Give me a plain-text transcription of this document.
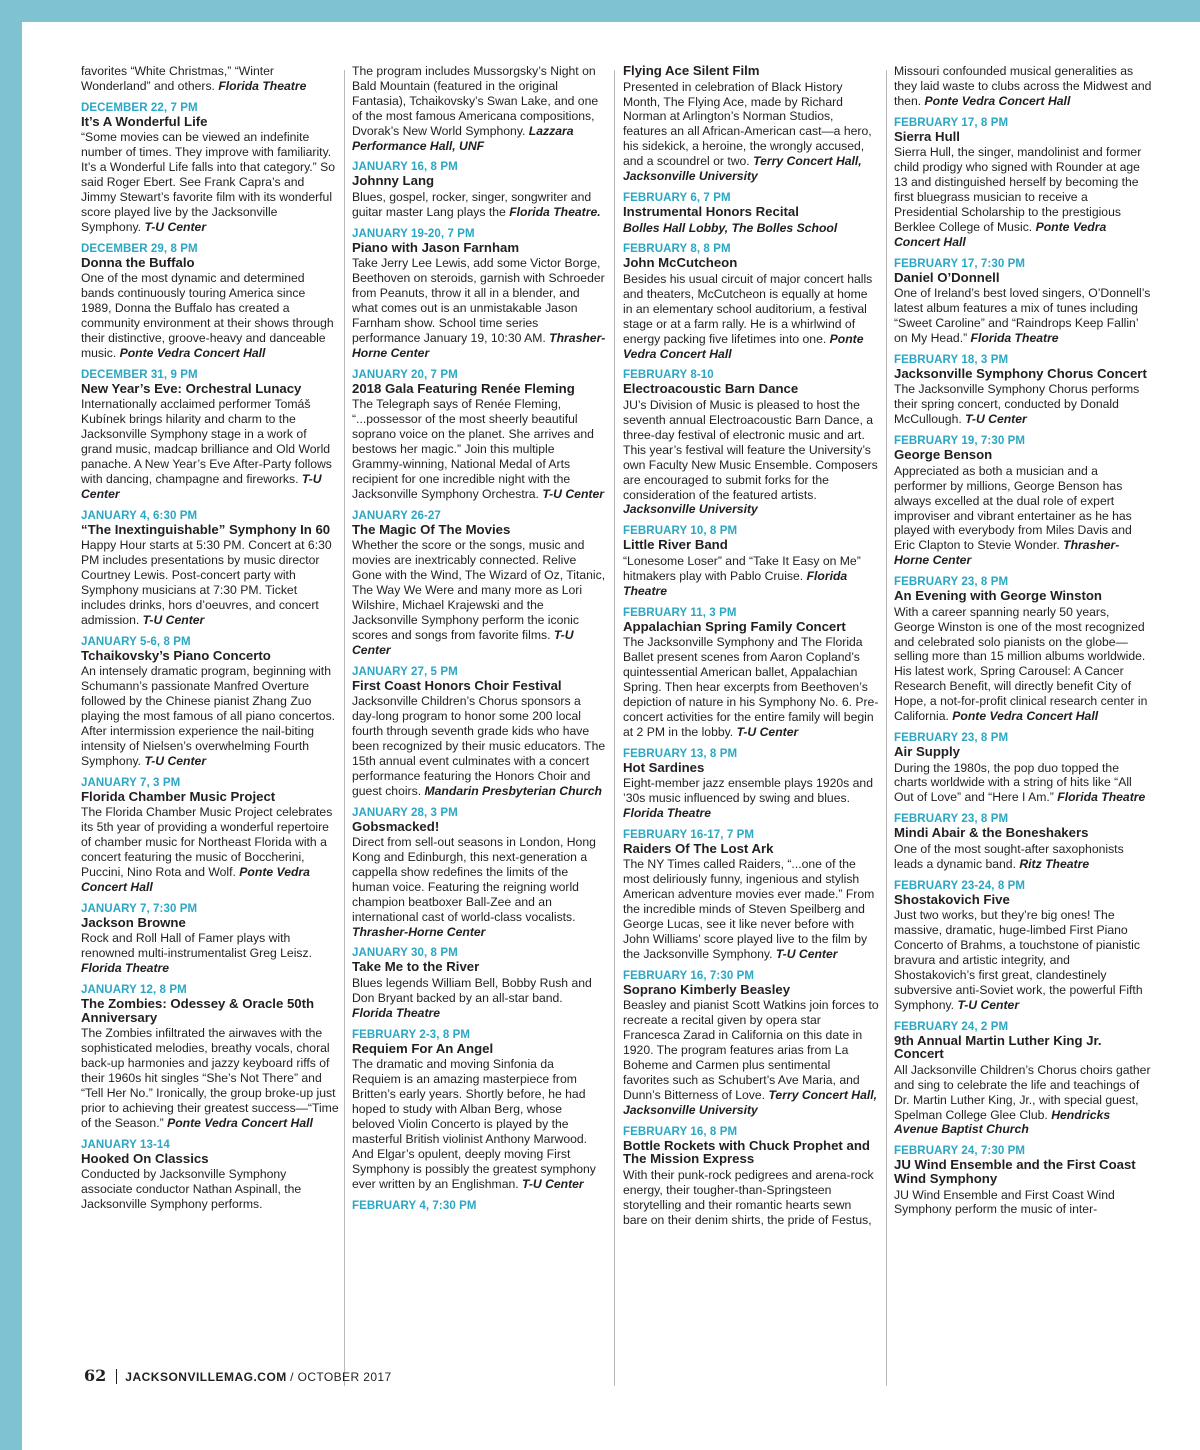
favorites “White Christmas,” “Winter Wonderland” and others. Florida Theatre
DECEMBER 22, 7 PM
It’s A Wonderful Life
“Some movies can be viewed an indefinite number of times. They improve with familiarity. It’s a Wonderful Life falls into that category.” So said Roger Ebert. See Frank Capra’s and Jimmy Stewart’s favorite film with its wonderful score played live by the Jacksonville Symphony. T-U Center
DECEMBER 29, 8 PM
Donna the Buffalo
One of the most dynamic and determined bands continuously touring America since 1989, Donna the Buffalo has created a community environment at their shows through their distinctive, groove-heavy and danceable music. Ponte Vedra Concert Hall
DECEMBER 31, 9 PM
New Year’s Eve: Orchestral Lunacy
Internationally acclaimed performer Tomáš Kubínek brings hilarity and charm to the Jacksonville Symphony stage in a work of grand music, madcap brilliance and Old World panache. A New Year’s Eve After-Party follows with dancing, champagne and fireworks. T-U Center
JANUARY 4, 6:30 PM
“The Inextinguishable” Symphony In 60
Happy Hour starts at 5:30 PM. Concert at 6:30 PM includes presentations by music director Courtney Lewis. Post-concert party with Symphony musicians at 7:30 PM. Ticket includes drinks, hors d’oeuvres, and concert admission. T-U Center
JANUARY 5-6, 8 PM
Tchaikovsky’s Piano Concerto
An intensely dramatic program, beginning with Schumann’s passionate Manfred Overture followed by the Chinese pianist Zhang Zuo playing the most famous of all piano concertos. After intermission experience the nail-biting intensity of Nielsen’s overwhelming Fourth Symphony. T-U Center
JANUARY 7, 3 PM
Florida Chamber Music Project
The Florida Chamber Music Project celebrates its 5th year of providing a wonderful repertoire of chamber music for Northeast Florida with a concert featuring the music of Boccherini, Puccini, Nino Rota and Wolf. Ponte Vedra Concert Hall
JANUARY 7, 7:30 PM
Jackson Browne
Rock and Roll Hall of Famer plays with renowned multi-instrumentalist Greg Leisz. Florida Theatre
JANUARY 12, 8 PM
The Zombies: Odessey & Oracle 50th Anniversary
The Zombies infiltrated the airwaves with the sophisticated melodies, breathy vocals, choral back-up harmonies and jazzy keyboard riffs of their 1960s hit singles “She’s Not There” and “Tell Her No.” Ironically, the group broke-up just prior to achieving their greatest success—“Time of the Season.” Ponte Vedra Concert Hall
JANUARY 13-14
Hooked On Classics
Conducted by Jacksonville Symphony associate conductor Nathan Aspinall, the Jacksonville Symphony performs.
The program includes Mussorgsky’s Night on Bald Mountain (featured in the original Fantasia), Tchaikovsky’s Swan Lake, and one of the most famous Americana compositions, Dvorak’s New World Symphony. Lazzara Performance Hall, UNF
JANUARY 16, 8 PM
Johnny Lang
Blues, gospel, rocker, singer, songwriter and guitar master Lang plays the Florida Theatre.
JANUARY 19-20, 7 PM
Piano with Jason Farnham
Take Jerry Lee Lewis, add some Victor Borge, Beethoven on steroids, garnish with Schroeder from Peanuts, throw it all in a blender, and what comes out is an unmistakable Jason Farnham show. School time series performance January 19, 10:30 AM. Thrasher-Horne Center
JANUARY 20, 7 PM
2018 Gala Featuring Renée Fleming
The Telegraph says of Renée Fleming, “...possessor of the most sheerly beautiful soprano voice on the planet. She arrives and bestows her magic.” Join this multiple Grammy-winning, National Medal of Arts recipient for one incredible night with the Jacksonville Symphony Orchestra. T-U Center
JANUARY 26-27
The Magic Of The Movies
Whether the score or the songs, music and movies are inextricably connected. Relive Gone with the Wind, The Wizard of Oz, Titanic, The Way We Were and many more as Lori Wilshire, Michael Krajewski and the Jacksonville Symphony perform the iconic scores and songs from favorite films. T-U Center
JANUARY 27, 5 PM
First Coast Honors Choir Festival
Jacksonville Children’s Chorus sponsors a day-long program to honor some 200 local fourth through seventh grade kids who have been recognized by their music educators. The 15th annual event culminates with a concert performance featuring the Honors Choir and guest choirs. Mandarin Presbyterian Church
JANUARY 28, 3 PM
Gobsmacked!
Direct from sell-out seasons in London, Hong Kong and Edinburgh, this next-generation a cappella show redefines the limits of the human voice. Featuring the reigning world champion beatboxer Ball-Zee and an international cast of world-class vocalists. Thrasher-Horne Center
JANUARY 30, 8 PM
Take Me to the River
Blues legends William Bell, Bobby Rush and Don Bryant backed by an all-star band. Florida Theatre
FEBRUARY 2-3, 8 PM
Requiem For An Angel
The dramatic and moving Sinfonia da Requiem is an amazing masterpiece from Britten’s early years. Shortly before, he had hoped to study with Alban Berg, whose beloved Violin Concerto is played by the masterful British violinist Anthony Marwood. And Elgar’s opulent, deeply moving First Symphony is possibly the greatest symphony ever written by an Englishman. T-U Center
FEBRUARY 4, 7:30 PM
Flying Ace Silent Film
Presented in celebration of Black History Month, The Flying Ace, made by Richard Norman at Arlington’s Norman Studios, features an all African-American cast—a hero, his sidekick, a heroine, the wrongly accused, and a scoundrel or two. Terry Concert Hall, Jacksonville University
FEBRUARY 6, 7 PM
Instrumental Honors Recital
Bolles Hall Lobby, The Bolles School
FEBRUARY 8, 8 PM
John McCutcheon
Besides his usual circuit of major concert halls and theaters, McCutcheon is equally at home in an elementary school auditorium, a festival stage or at a farm rally. He is a whirlwind of energy packing five lifetimes into one. Ponte Vedra Concert Hall
FEBRUARY 8-10
Electroacoustic Barn Dance
JU’s Division of Music is pleased to host the seventh annual Electroacoustic Barn Dance, a three-day festival of electronic music and art. This year’s festival will feature the University’s own Faculty New Music Ensemble. Composers are encouraged to submit forks for the consideration of the featured artists. Jacksonville University
FEBRUARY 10, 8 PM
Little River Band
“Lonesome Loser” and “Take It Easy on Me” hitmakers play with Pablo Cruise. Florida Theatre
FEBRUARY 11, 3 PM
Appalachian Spring Family Concert
The Jacksonville Symphony and The Florida Ballet present scenes from Aaron Copland’s quintessential American ballet, Appalachian Spring. Then hear excerpts from Beethoven’s depiction of nature in his Symphony No. 6. Pre-concert activities for the entire family will begin at 2 PM in the lobby. T-U Center
FEBRUARY 13, 8 PM
Hot Sardines
Eight-member jazz ensemble plays 1920s and ’30s music influenced by swing and blues. Florida Theatre
FEBRUARY 16-17, 7 PM
Raiders Of The Lost Ark
The NY Times called Raiders, “...one of the most deliriously funny, ingenious and stylish American adventure movies ever made.” From the incredible minds of Steven Speilberg and George Lucas, see it like never before with John Williams’ score played live to the film by the Jacksonville Symphony. T-U Center
FEBRUARY 16, 7:30 PM
Soprano Kimberly Beasley
Beasley and pianist Scott Watkins join forces to recreate a recital given by opera star Francesca Zarad in California on this date in 1920. The program features arias from La Boheme and Carmen plus sentimental favorites such as Schubert’s Ave Maria, and Dunn’s Bitterness of Love. Terry Concert Hall, Jacksonville University
FEBRUARY 16, 8 PM
Bottle Rockets with Chuck Prophet and The Mission Express
With their punk-rock pedigrees and arena-rock energy, their tougher-than-Springsteen storytelling and their romantic hearts sewn bare on their denim shirts, the pride of Festus,
Missouri confounded musical generalities as they laid waste to clubs across the Midwest and then. Ponte Vedra Concert Hall
FEBRUARY 17, 8 PM
Sierra Hull
Sierra Hull, the singer, mandolinist and former child prodigy who signed with Rounder at age 13 and distinguished herself by becoming the first bluegrass musician to receive a Presidential Scholarship to the prestigious Berklee College of Music. Ponte Vedra Concert Hall
FEBRUARY 17, 7:30 PM
Daniel O’Donnell
One of Ireland’s best loved singers, O’Donnell’s latest album features a mix of tunes including “Sweet Caroline” and “Raindrops Keep Fallin’ on My Head.” Florida Theatre
FEBRUARY 18, 3 PM
Jacksonville Symphony Chorus Concert
The Jacksonville Symphony Chorus performs their spring concert, conducted by Donald McCullough. T-U Center
FEBRUARY 19, 7:30 PM
George Benson
Appreciated as both a musician and a performer by millions, George Benson has always excelled at the dual role of expert improviser and vibrant entertainer as he has played with everybody from Miles Davis and Eric Clapton to Stevie Wonder. Thrasher-Horne Center
FEBRUARY 23, 8 PM
An Evening with George Winston
With a career spanning nearly 50 years, George Winston is one of the most recognized and celebrated solo pianists on the globe—selling more than 15 million albums worldwide. His latest work, Spring Carousel: A Cancer Research Benefit, will directly benefit City of Hope, a not-for-profit clinical research center in California. Ponte Vedra Concert Hall
FEBRUARY 23, 8 PM
Air Supply
During the 1980s, the pop duo topped the charts worldwide with a string of hits like “All Out of Love” and “Here I Am.” Florida Theatre
FEBRUARY 23, 8 PM
Mindi Abair & the Boneshakers
One of the most sought-after saxophonists leads a dynamic band. Ritz Theatre
FEBRUARY 23-24, 8 PM
Shostakovich Five
Just two works, but they’re big ones! The massive, dramatic, huge-limbed First Piano Concerto of Brahms, a touchstone of pianistic bravura and artistic integrity, and Shostakovich’s first great, clandestinely subversive anti-Soviet work, the powerful Fifth Symphony. T-U Center
FEBRUARY 24, 2 PM
9th Annual Martin Luther King Jr. Concert
All Jacksonville Children’s Chorus choirs gather and sing to celebrate the life and teachings of Dr. Martin Luther King, Jr., with special guest, Spelman College Glee Club. Hendricks Avenue Baptist Church
FEBRUARY 24, 7:30 PM
JU Wind Ensemble and the First Coast Wind Symphony
JU Wind Ensemble and First Coast Wind Symphony perform the music of inter-
62 JACKSONVILLEMAG.COM / OCTOBER 2017
